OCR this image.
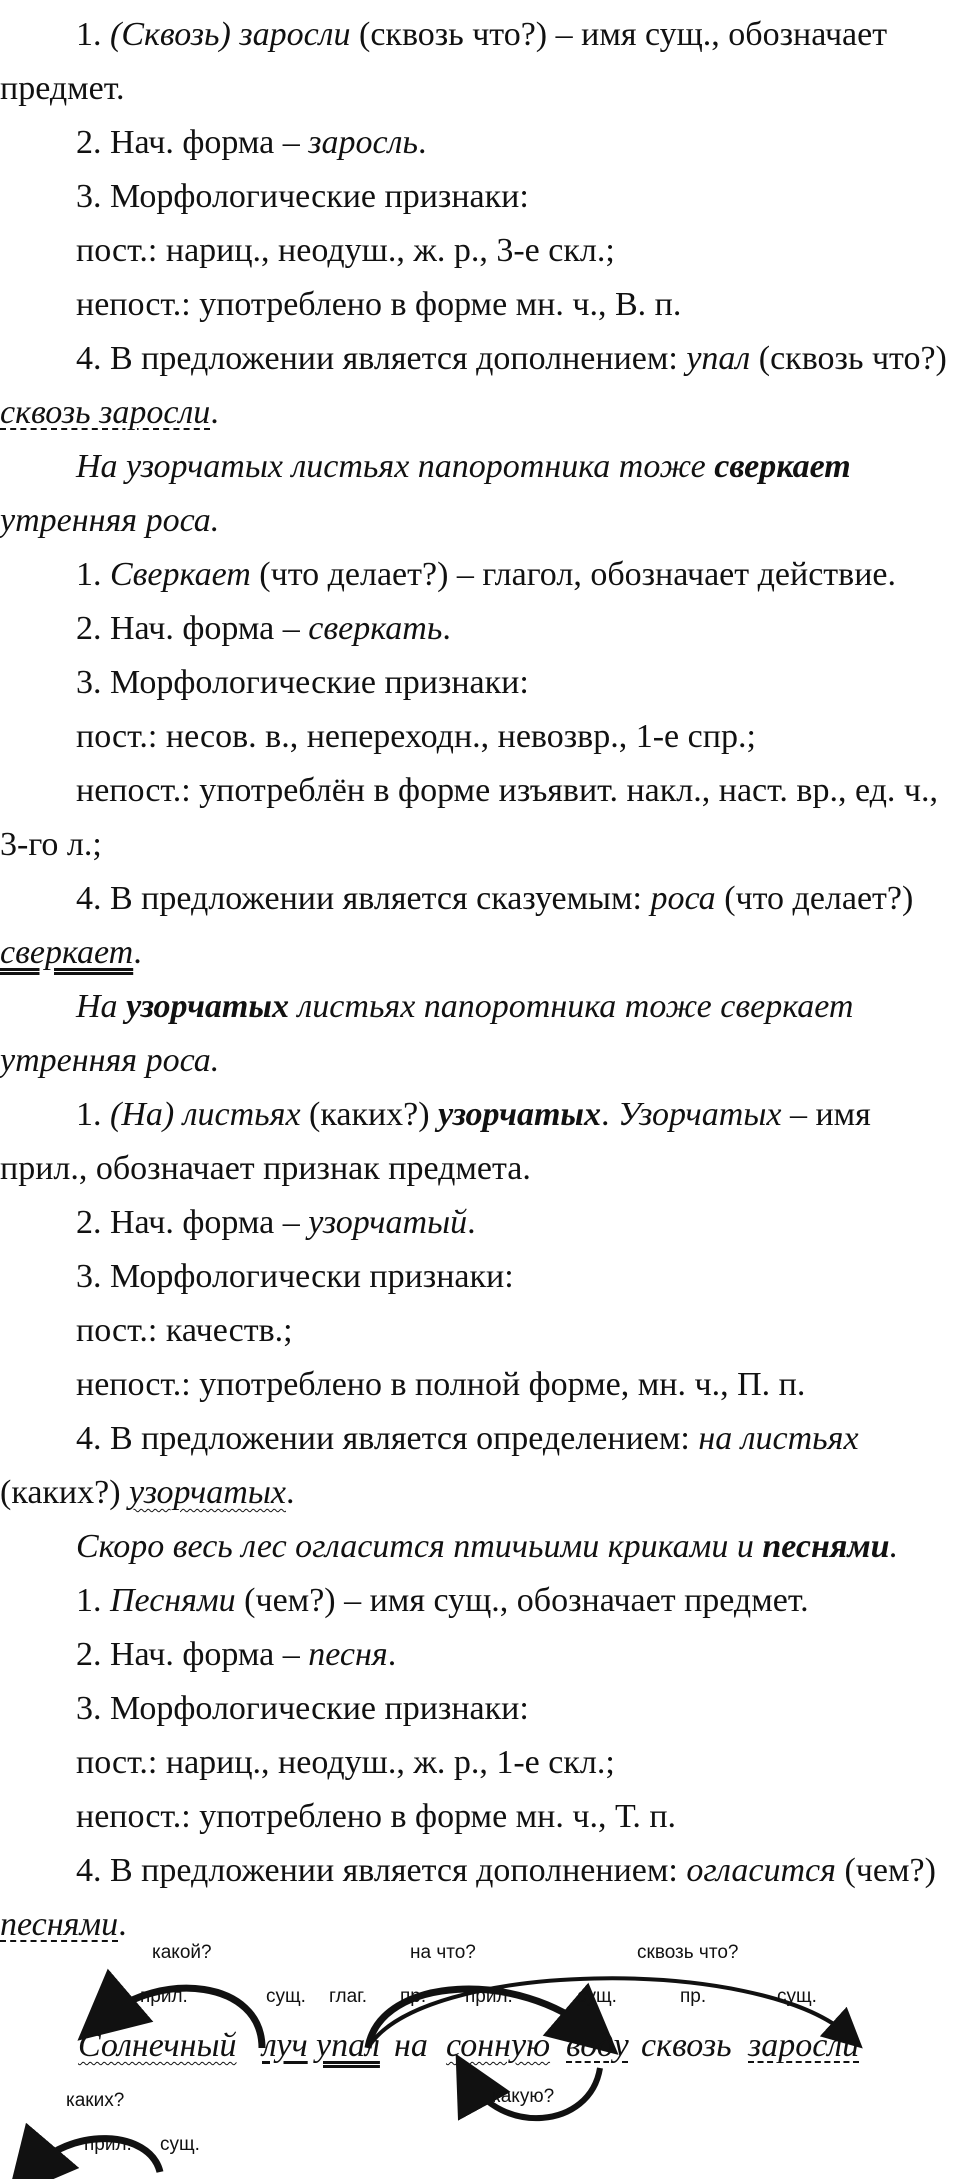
1. (Сквозь) заросли (сквозь что?) – имя сущ., обозначает предмет.

2. Нач. форма – заросль.

3. Морфологические признаки:

пост.: нариц., неодуш., ж. р., 3-е скл.;

непост.: употреблено в форме мн. ч., В. п.

4. В предложении является дополнением: упал (сквозь что?) сквозь заросли.

На узорчатых листьях папоротника тоже сверкает утренняя роса.

1. Сверкает (что делает?) – глагол, обозначает действие.

2. Нач. форма – сверкать.

3. Морфологические признаки:

пост.: несов. в., непереходн., невозвр., 1-е спр.;

непост.: употреблён в форме изъявит. накл., наст. вр., ед. ч., 3-го л.;

4. В предложении является сказуемым: роса (что делает?) сверкает.

На узорчатых листьях папоротника тоже сверкает утренняя роса.

1. (На) листьях (каких?) узорчатых. Узорчатых – имя прил., обозначает признак предмета.

2. Нач. форма – узорчатый.

3. Морфологически признаки:

пост.: качеств.;

непост.: употреблено в полной форме, мн. ч., П. п.

4. В предложении является определением: на листьях (каких?) узорчатых.

Скоро весь лес огласится птичьими криками и песнями.

1. Песнями (чем?) – имя сущ., обозначает предмет.

2. Нач. форма – песня.

3. Морфологические признаки:

пост.: нариц., неодуш., ж. р., 1-е скл.;

непост.: употреблено в форме мн. ч., Т. п.

4. В предложении является дополнением: огласится (чем?) песнями.

какой?	на что?	сквозь что?
прил.	сущ. глаг. пр. прил.	сущ.	пр.	сущ.
Солнечный луч упал на сонную воду сквозь заросли
какую?
каких?
прил. сущ.
